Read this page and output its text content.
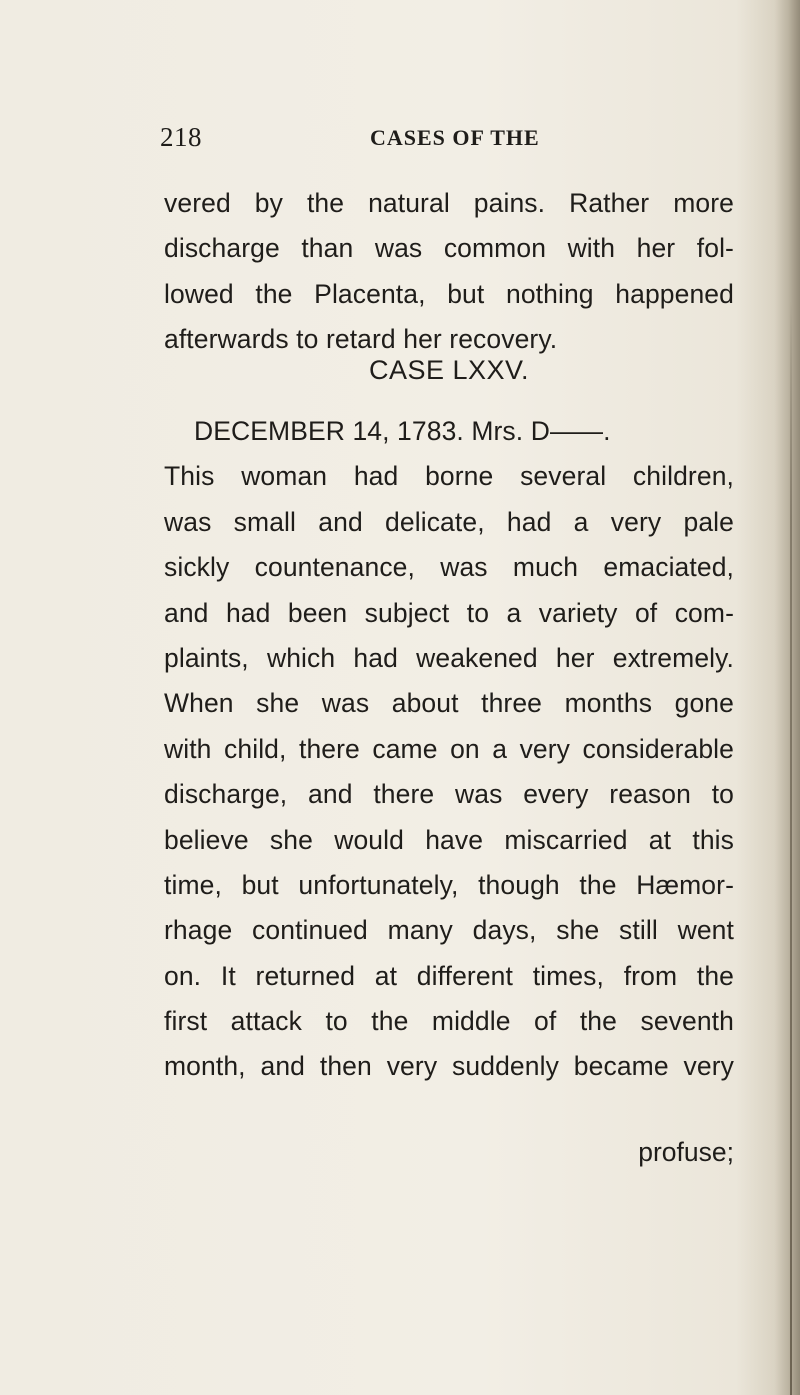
218	CASES OF THE
vered by the natural pains. Rather more
discharge than was common with her fol-
lowed the Placenta, but nothing happened
afterwards to retard her recovery.
CASE LXXV.
DECEMBER 14, 1783. Mrs. D——.
This woman had borne several children,
was small and delicate, had a very pale
sickly countenance, was much emaciated,
and had been subject to a variety of com-
plaints, which had weakened her extremely.
When she was about three months gone
with child, there came on a very considerable
discharge, and there was every reason to
believe she would have miscarried at this
time, but unfortunately, though the Hæmor-
rhage continued many days, she still went
on. It returned at different times, from the
first attack to the middle of the seventh
month, and then very suddenly became very
profuse;
